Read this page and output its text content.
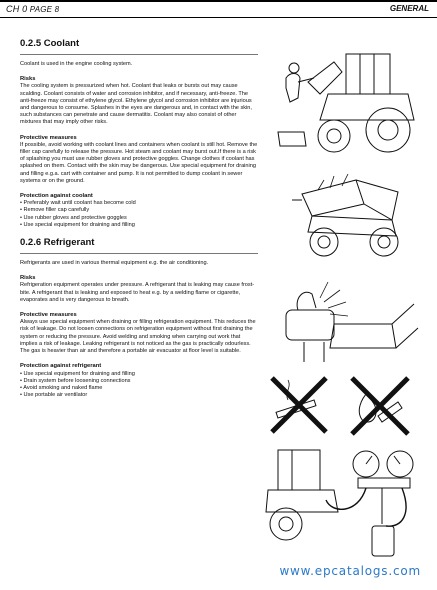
CH 0 PAGE 8	GENERAL
0.2.5 Coolant
Coolant is used in the engine cooling system.
Risks
The cooling system is pressurized when hot. Coolant that leaks or bursts out may cause scalding. Coolant consists of water and corrosion inhibitor, and if necessary, anti-freeze. The anti-freeze may consist of ethylene glycol. Ethylene glycol and corrosion inhibitor are injurious and dangerous to consume. Splashes in the eyes are dangerous and, in contact with the skin, such substances can penetrate and cause dermatitis. Coolant may also consist of other mixtures that may imply other risks.
Protective measures
If possible, avoid working with coolant lines and containers when coolant is still hot. Remove the filler cap carefully to release the pressure. Hot steam and coolant may burst out.If there is a risk of splashing you must use rubber gloves and protective goggles. Change clothes if coolant has splashed on them. Contact with the skin may be dangerous. Use special equipment for draining and filling e.g.a. cart with container and pump. It is not permitted to dump coolant in sewer systems or on the ground.
Protection against coolant
• Preferably wait until coolant has become cold
• Remove filler cap carefully
• Use rubber gloves and protective goggles
• Use special equipment for draining and filling
0.2.6 Refrigerant
Refrigerants are used in various thermal equipment e.g. the air conditioning.
Risks
Refrigeration equipment operates under pressure. A refrigerant that is leaking may cause frost-bite. A refrigerant that is leaking and exposed to heat e.g. by a welding flame or cigarette, evaporates and is very dangerous to breath.
Protective measures
Always use special equipment when draining or filling refrigeration equipment. This reduces the risk of leakage. Do not loosen connections on refrigeration equipment without first draining the system or reducing the pressure. Avoid welding and smoking when carrying out work that implies a risk of leakage. Leaking refrigerant is not noticed as the gas is practically odourless. The gas is heavier than air and therefore a portable air evacuator at floor level is suitable.
Protection against refrigerant
• Use special equipment for draining and filling
• Drain system before loosening connections
• Avoid smoking and naked flame
• Use portable air ventilator
www.epcatalogs.com
